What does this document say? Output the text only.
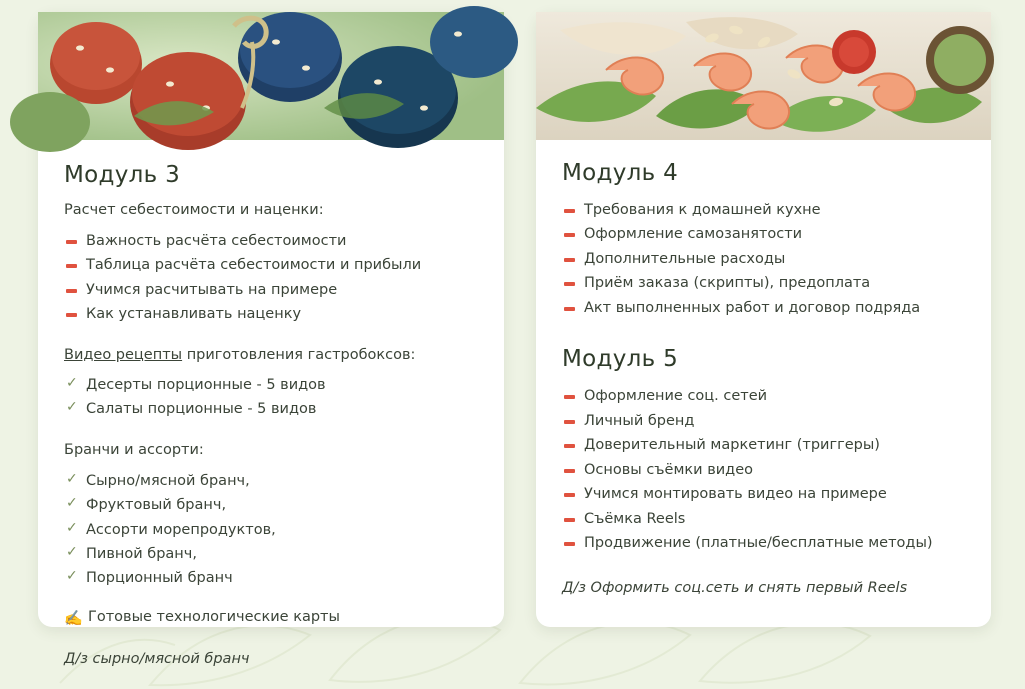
Модуль 3

Расчет себестоимости и наценки:

Важность расчёта себестоимости
Таблица расчёта себестоимости и прибыли
Учимся расчитывать на примере
Как устанавливать наценку

Видео рецепты приготовления гастробоксов:

✓ Десерты порционные - 5 видов
✓ Салаты порционные - 5 видов

Бранчи и ассорти:

✓ Сырно/мясной бранч,
✓ Фруктовый бранч,
✓ Ассорти морепродуктов,
✓ Пивной бранч,
✓ Порционный бранч

✍️ Готовые технологические карты

Д/з сырно/мясной бранч

Модуль 4
Требования к домашней кухне
Оформление самозанятости
Дополнительные расходы
Приём заказа (скрипты), предоплата
Акт выполненных работ и договор подряда
Модуль 5
Оформление соц. сетей
Личный бренд
Доверительный маркетинг (триггеры)
Основы съёмки видео
Учимся монтировать видео на примере
Съёмка Reels
Продвижение (платные/бесплатные методы)

Д/з Оформить соц.сеть и снять первый Reels
